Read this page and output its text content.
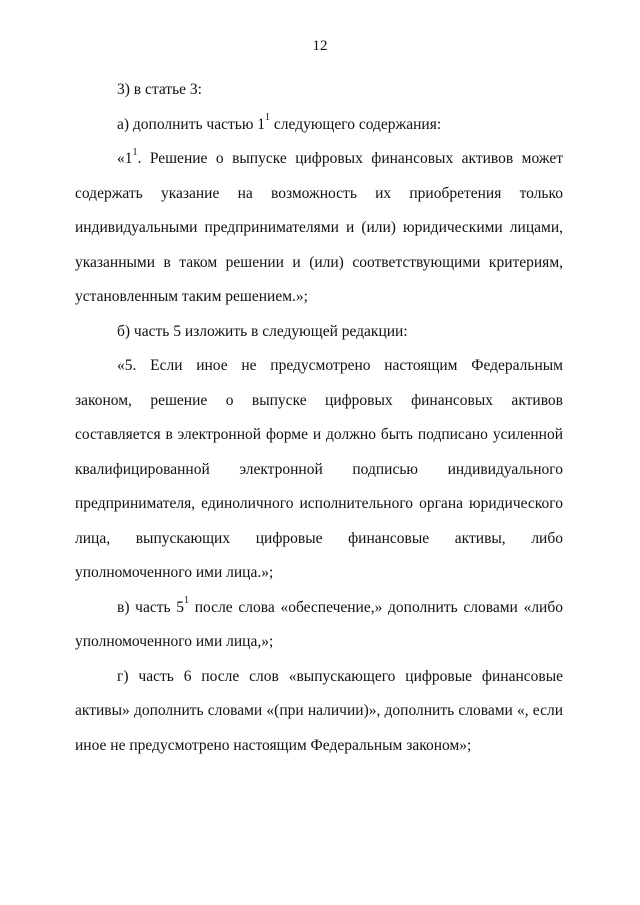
12

3) в статье 3:

а) дополнить частью $1^1$ следующего содержания:

«$1^1$. Решение о выпуске цифровых финансовых активов может содержать указание на возможность их приобретения только индивидуальными предпринимателями и (или) юридическими лицами, указанными в таком решении и (или) соответствующими критериям, установленным таким решением.»;

б) часть 5 изложить в следующей редакции:

«5. Если иное не предусмотрено настоящим Федеральным законом, решение о выпуске цифровых финансовых активов составляется в электронной форме и должно быть подписано усиленной квалифицированной электронной подписью индивидуального предпринимателя, единоличного исполнительного органа юридического лица, выпускающих цифровые финансовые активы, либо уполномоченного ими лица.»;

в) часть $5^1$ после слова «обеспечение,» дополнить словами «либо уполномоченного ими лица,»;

г) часть 6 после слов «выпускающего цифровые финансовые активы» дополнить словами «(при наличии)», дополнить словами «, если иное не предусмотрено настоящим Федеральным законом»;
